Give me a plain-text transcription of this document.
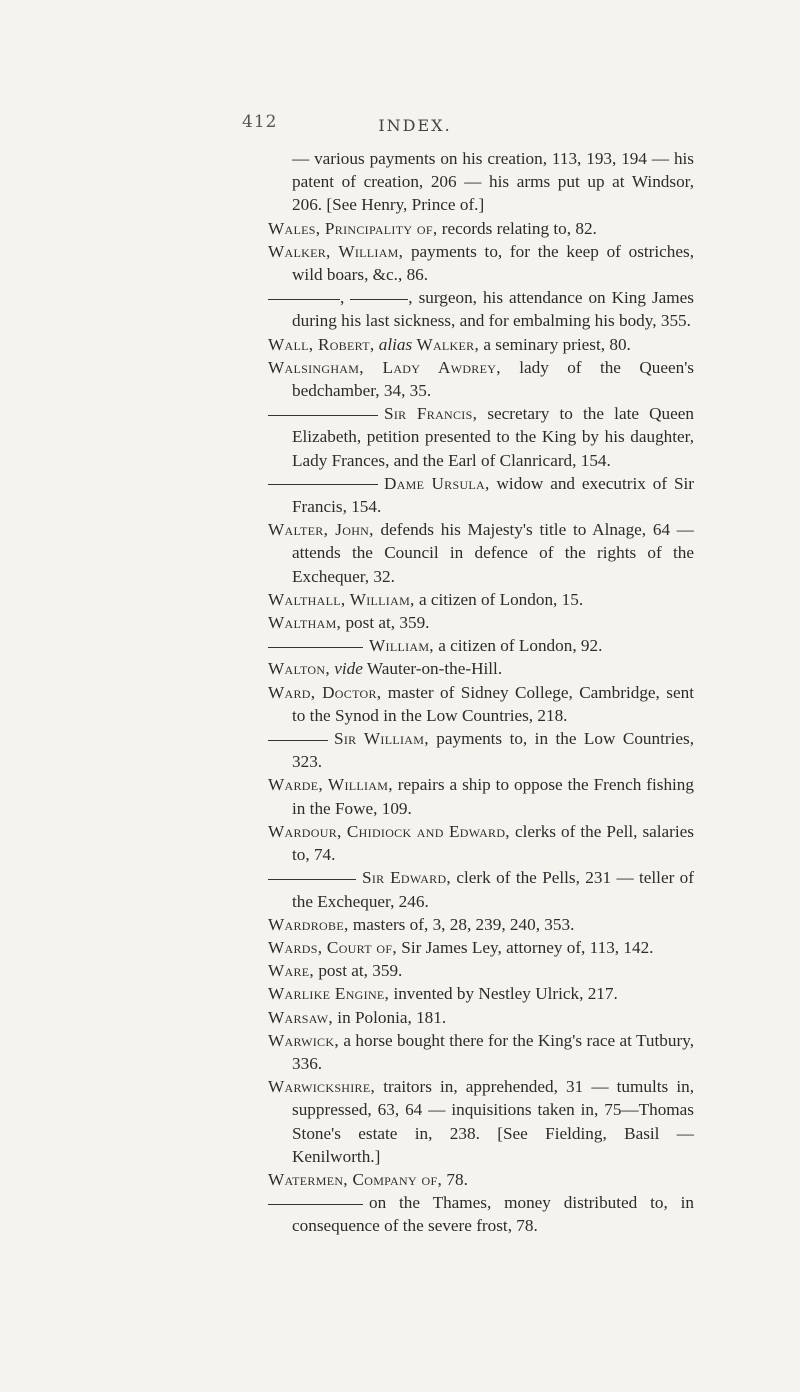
412	INDEX.
— various payments on his creation, 113, 193, 194 — his patent of creation, 206 — his arms put up at Windsor, 206. [See Henry, Prince of.]
Wales, Principality of, records relating to, 82.
Walker, William, payments to, for the keep of ostriches, wild boars, &c., 86.
,	, surgeon, his attendance on King James during his last sickness, and for embalming his body, 355.
Wall, Robert, alias Walker, a seminary priest, 80.
Walsingham, Lady Awdrey, lady of the Queen's bedchamber, 34, 35.
Sir Francis, secretary to the late Queen Elizabeth, petition presented to the King by his daughter, Lady Frances, and the Earl of Clanricard, 154.
Dame Ursula, widow and executrix of Sir Francis, 154.
Walter, John, defends his Majesty's title to Alnage, 64 — attends the Council in defence of the rights of the Exchequer, 32.
Walthall, William, a citizen of London, 15.
Waltham, post at, 359.
William, a citizen of London, 92.
Walton, vide Wauter-on-the-Hill.
Ward, Doctor, master of Sidney College, Cambridge, sent to the Synod in the Low Countries, 218.
Sir William, payments to, in the Low Countries, 323.
Warde, William, repairs a ship to oppose the French fishing in the Fowe, 109.
Wardour, Chidiock and Edward, clerks of the Pell, salaries to, 74.
Sir Edward, clerk of the Pells, 231 — teller of the Exchequer, 246.
Wardrobe, masters of, 3, 28, 239, 240, 353.
Wards, Court of, Sir James Ley, attorney of, 113, 142.
Ware, post at, 359.
Warlike Engine, invented by Nestley Ulrick, 217.
Warsaw, in Polonia, 181.
Warwick, a horse bought there for the King's race at Tutbury, 336.
Warwickshire, traitors in, apprehended, 31 — tumults in, suppressed, 63, 64 — inquisitions taken in, 75—Thomas Stone's estate in, 238. [See Fielding, Basil — Kenilworth.]
Watermen, Company of, 78.
on the Thames, money distributed to, in consequence of the severe frost, 78.
